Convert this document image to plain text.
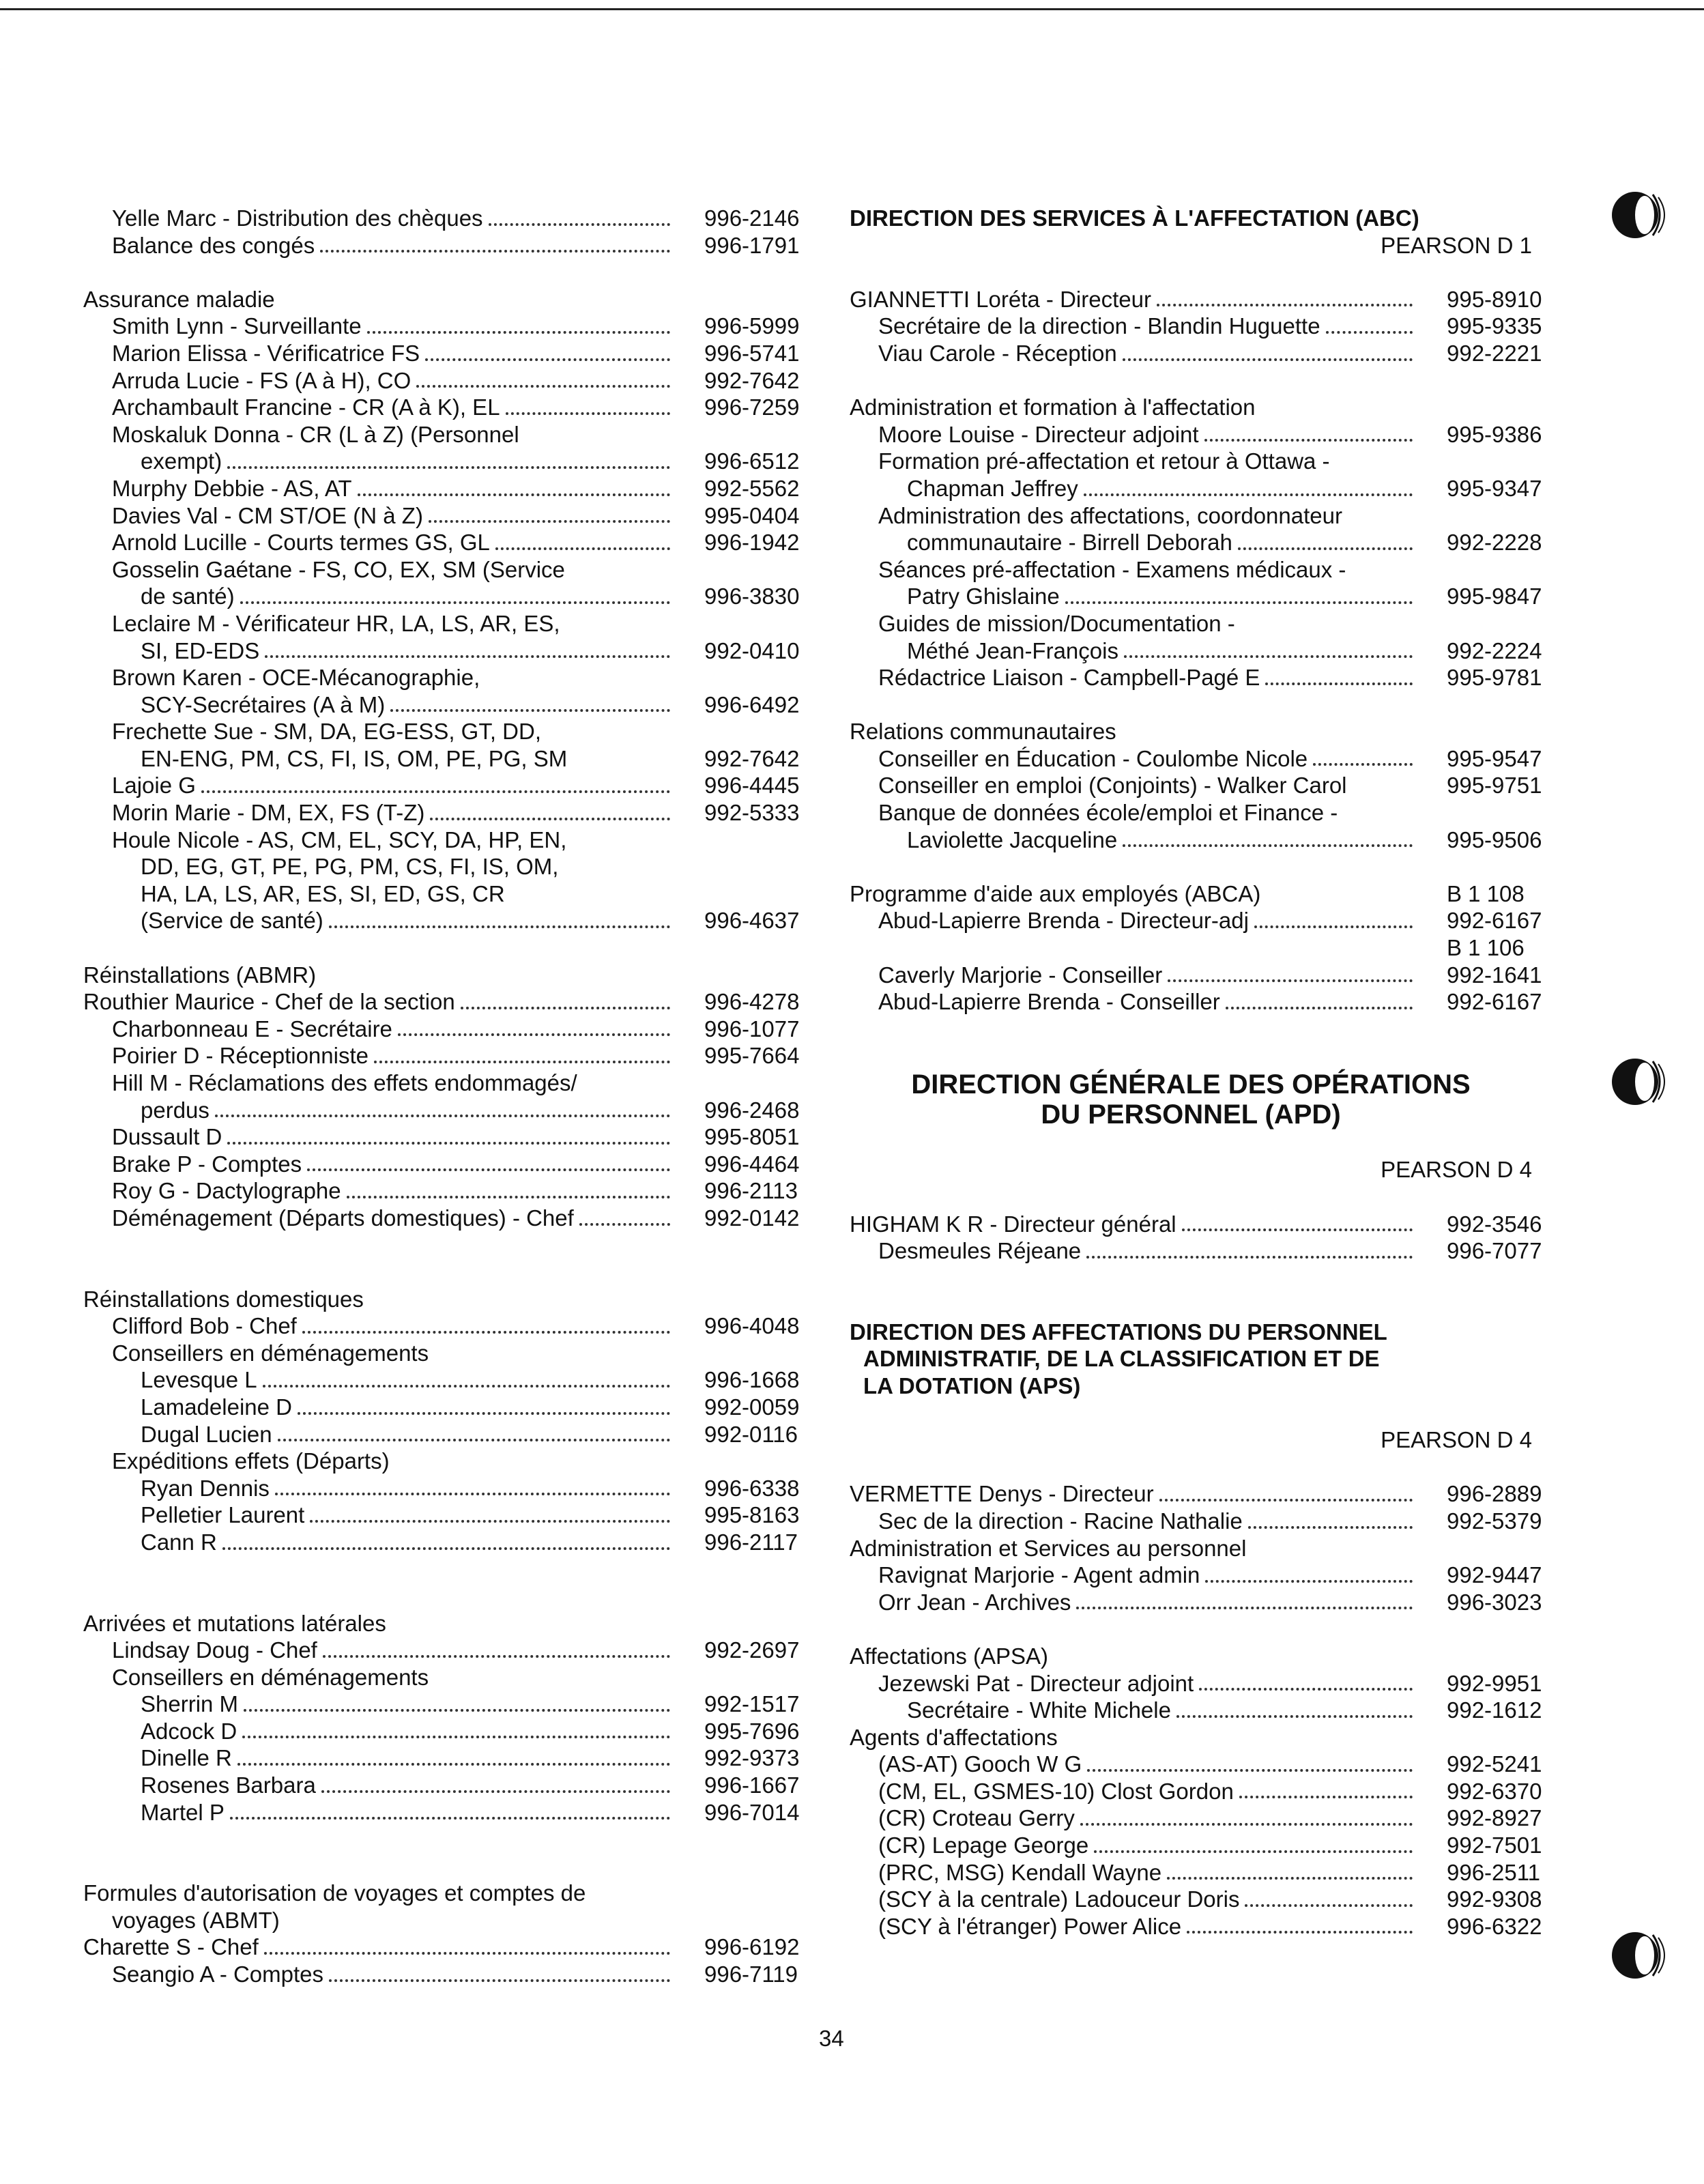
Yelle Marc - Distribution des chèques	996-2146
Balance des congés	996-1791
Assurance maladie
Smith Lynn - Surveillante	996-5999
Marion Elissa - Vérificatrice FS	996-5741
Arruda Lucie - FS (A à H), CO	992-7642
Archambault Francine - CR (A à K), EL	996-7259
Moskaluk Donna - CR (L à Z) (Personnel
exempt)	996-6512
Murphy Debbie - AS, AT	992-5562
Davies Val - CM ST/OE (N à Z)	995-0404
Arnold Lucille - Courts termes GS, GL	996-1942
Gosselin Gaétane - FS, CO, EX, SM (Service
de santé)	996-3830
Leclaire M - Vérificateur HR, LA, LS, AR, ES,
SI, ED-EDS	992-0410
Brown Karen - OCE-Mécanographie,
SCY-Secrétaires (A à M)	996-6492
Frechette Sue - SM, DA, EG-ESS, GT, DD,
EN-ENG, PM, CS, FI, IS, OM, PE, PG, SM	992-7642
Lajoie G	996-4445
Morin Marie - DM, EX, FS (T-Z)	992-5333
Houle Nicole - AS, CM, EL, SCY, DA, HP, EN,
DD, EG, GT, PE, PG, PM, CS, FI, IS, OM,
HA, LA, LS, AR, ES, SI, ED, GS, CR
(Service de santé)	996-4637
Réinstallations (ABMR)
Routhier Maurice - Chef de la section	996-4278
Charbonneau E - Secrétaire	996-1077
Poirier D - Réceptionniste	995-7664
Hill M - Réclamations des effets endommagés/
perdus	996-2468
Dussault D	995-8051
Brake P - Comptes	996-4464
Roy G - Dactylographe	996-2113
Déménagement (Départs domestiques) - Chef	992-0142
Réinstallations domestiques
Clifford Bob - Chef	996-4048
Conseillers en déménagements
Levesque L	996-1668
Lamadeleine D	992-0059
Dugal Lucien	992-0116
Expéditions effets (Départs)
Ryan Dennis	996-6338
Pelletier Laurent	995-8163
Cann R	996-2117
Arrivées et mutations latérales
Lindsay Doug - Chef	992-2697
Conseillers en déménagements
Sherrin M	992-1517
Adcock D	995-7696
Dinelle R	992-9373
Rosenes Barbara	996-1667
Martel P	996-7014
Formules d'autorisation de voyages et comptes de
voyages (ABMT)
Charette S - Chef	996-6192
Seangio A - Comptes	996-7119
DIRECTION DES SERVICES À L'AFFECTATION (ABC)
PEARSON D 1
GIANNETTI Loréta - Directeur	995-8910
Secrétaire de la direction - Blandin Huguette	995-9335
Viau Carole - Réception	992-2221
Administration et formation à l'affectation
Moore Louise - Directeur adjoint	995-9386
Formation pré-affectation et retour à Ottawa -
Chapman Jeffrey	995-9347
Administration des affectations, coordonnateur
communautaire - Birrell Deborah	992-2228
Séances pré-affectation - Examens médicaux -
Patry Ghislaine	995-9847
Guides de mission/Documentation -
Méthé Jean-François	992-2224
Rédactrice Liaison - Campbell-Pagé E	995-9781
Relations communautaires
Conseiller en Éducation - Coulombe Nicole	995-9547
Conseiller en emploi (Conjoints) - Walker Carol	995-9751
Banque de données école/emploi et Finance -
Laviolette Jacqueline	995-9506
Programme d'aide aux employés (ABCA)	B 1 108
Abud-Lapierre Brenda - Directeur-adj	992-6167
B 1 106
Caverly Marjorie - Conseiller	992-1641
Abud-Lapierre Brenda - Conseiller	992-6167
DIRECTION GÉNÉRALE DES OPÉRATIONS
DU PERSONNEL (APD)
PEARSON D 4
HIGHAM K R - Directeur général	992-3546
Desmeules Réjeane	996-7077
DIRECTION DES AFFECTATIONS DU PERSONNEL
ADMINISTRATIF, DE LA CLASSIFICATION ET DE
LA DOTATION (APS)
PEARSON D 4
VERMETTE Denys - Directeur	996-2889
Sec de la direction - Racine Nathalie	992-5379
Administration et Services au personnel
Ravignat Marjorie - Agent admin	992-9447
Orr Jean - Archives	996-3023
Affectations (APSA)
Jezewski Pat - Directeur adjoint	992-9951
Secrétaire - White Michele	992-1612
Agents d'affectations
(AS-AT) Gooch W G	992-5241
(CM, EL, GSMES-10) Clost Gordon	992-6370
(CR) Croteau Gerry	992-8927
(CR) Lepage George	992-7501
(PRC, MSG) Kendall Wayne	996-2511
(SCY à la centrale) Ladouceur Doris	992-9308
(SCY à l'étranger) Power Alice	996-6322
34
